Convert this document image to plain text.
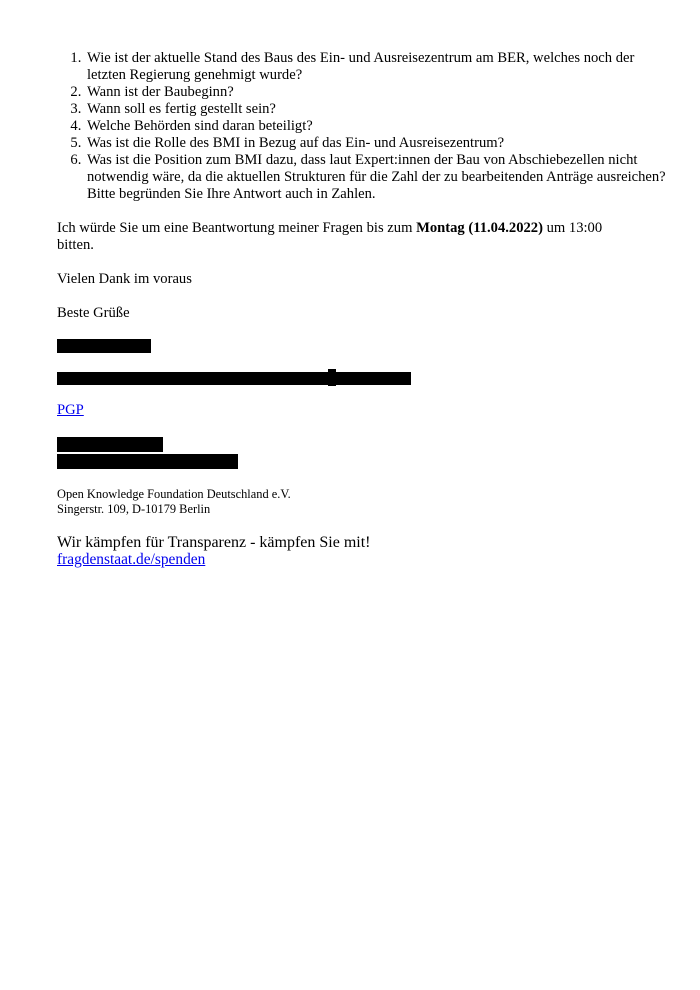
1. Wie ist der aktuelle Stand des Baus des Ein- und Ausreisezentrum am BER, welches noch der letzten Regierung genehmigt wurde?
2. Wann ist der Baubeginn?
3. Wann soll es fertig gestellt sein?
4. Welche Behörden sind daran beteiligt?
5. Was ist die Rolle des BMI in Bezug auf das Ein- und Ausreisezentrum?
6. Was ist die Position zum BMI dazu, dass laut Expert:innen der Bau von Abschiebezellen nicht notwendig wäre, da die aktuellen Strukturen für die Zahl der zu bearbeitenden Anträge ausreichen? Bitte begründen Sie Ihre Antwort auch in Zahlen.

Ich würde Sie um eine Beantwortung meiner Fragen bis zum Montag (11.04.2022) um 13:00 bitten.

Vielen Dank im voraus

Beste Grüße

PGP

Open Knowledge Foundation Deutschland e.V.
Singerstr. 109, D-10179 Berlin

Wir kämpfen für Transparenz - kämpfen Sie mit!

fragdenstaat.de/spenden
